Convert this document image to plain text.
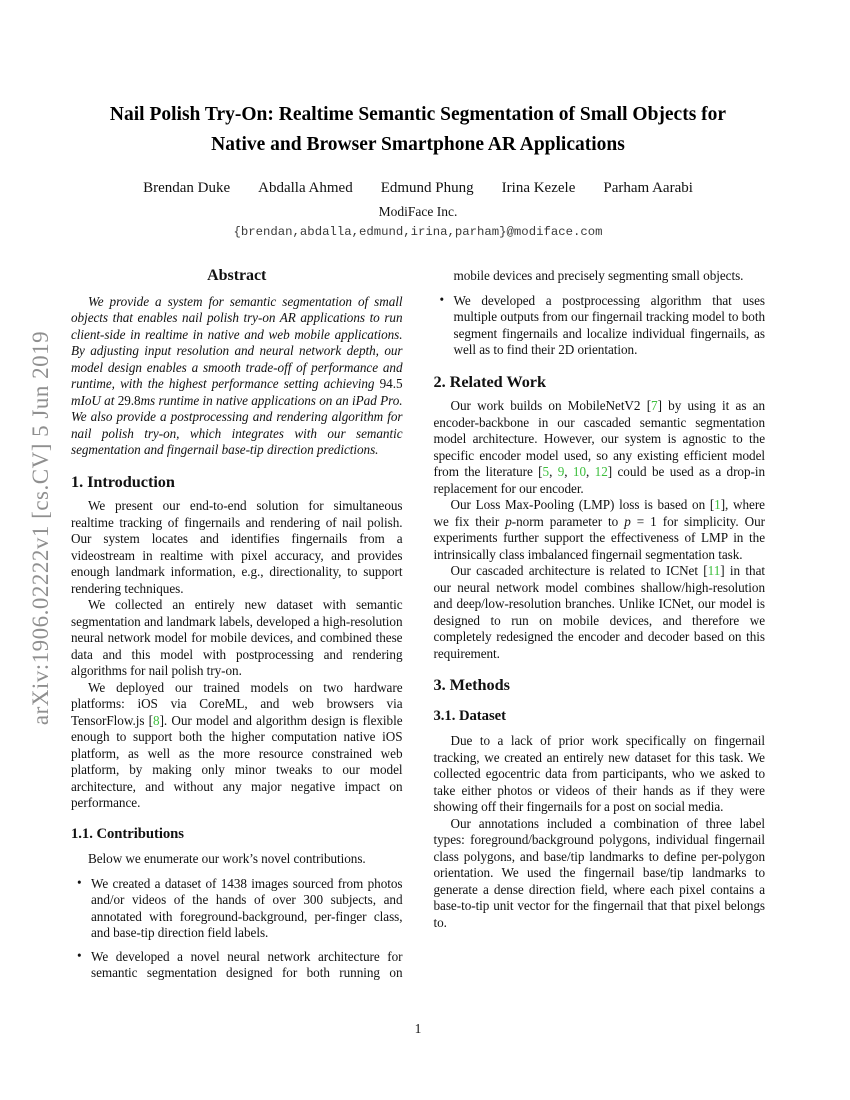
arXiv:1906.02222v1 [cs.CV] 5 Jun 2019
Nail Polish Try-On: Realtime Semantic Segmentation of Small Objects for
Native and Browser Smartphone AR Applications
Brendan Duke Abdalla Ahmed Edmund Phung Irina Kezele Parham Aarabi
ModiFace Inc.
{brendan,abdalla,edmund,irina,parham}@modiface.com
Abstract
We provide a system for semantic segmentation of small objects that enables nail polish try-on AR applications to run client-side in realtime in native and web mobile applications. By adjusting input resolution and neural network depth, our model design enables a smooth trade-off of performance and runtime, with the highest performance setting achieving 94.5 mIoU at 29.8ms runtime in native applications on an iPad Pro. We also provide a postprocessing and rendering algorithm for nail polish try-on, which integrates with our semantic segmentation and fingernail base-tip direction predictions.
1. Introduction
We present our end-to-end solution for simultaneous realtime tracking of fingernails and rendering of nail polish. Our system locates and identifies fingernails from a videostream in realtime with pixel accuracy, and provides enough landmark information, e.g., directionality, to support rendering techniques.
We collected an entirely new dataset with semantic segmentation and landmark labels, developed a high-resolution neural network model for mobile devices, and combined these data and this model with postprocessing and rendering algorithms for nail polish try-on.
We deployed our trained models on two hardware platforms: iOS via CoreML, and web browsers via TensorFlow.js [8]. Our model and algorithm design is flexible enough to support both the higher computation native iOS platform, as well as the more resource constrained web platform, by making only minor tweaks to our model architecture, and without any major negative impact on performance.
1.1. Contributions
Below we enumerate our work’s novel contributions.
• We created a dataset of 1438 images sourced from photos and/or videos of the hands of over 300 subjects, and annotated with foreground-background, per-finger class, and base-tip direction field labels.
• We developed a novel neural network architecture for semantic segmentation designed for both running on
mobile devices and precisely segmenting small objects.
• We developed a postprocessing algorithm that uses multiple outputs from our fingernail tracking model to both segment fingernails and localize individual fingernails, as well as to find their 2D orientation.
2. Related Work
Our work builds on MobileNetV2 [7] by using it as an encoder-backbone in our cascaded semantic segmentation model architecture. However, our system is agnostic to the specific encoder model used, so any existing efficient model from the literature [5, 9, 10, 12] could be used as a drop-in replacement for our encoder.
Our Loss Max-Pooling (LMP) loss is based on [1], where we fix their p-norm parameter to p = 1 for simplicity. Our experiments further support the effectiveness of LMP in the intrinsically class imbalanced fingernail segmentation task.
Our cascaded architecture is related to ICNet [11] in that our neural network model combines shallow/high-resolution and deep/low-resolution branches. Unlike ICNet, our model is designed to run on mobile devices, and therefore we completely redesigned the encoder and decoder based on this requirement.
3. Methods
3.1. Dataset
Due to a lack of prior work specifically on fingernail tracking, we created an entirely new dataset for this task. We collected egocentric data from participants, who we asked to take either photos or videos of their hands as if they were showing off their fingernails for a post on social media.
Our annotations included a combination of three label types: foreground/background polygons, individual fingernail class polygons, and base/tip landmarks to define per-polygon orientation. We used the fingernail base/tip landmarks to generate a dense direction field, where each pixel contains a base-to-tip unit vector for the fingernail that that pixel belongs to.
1
